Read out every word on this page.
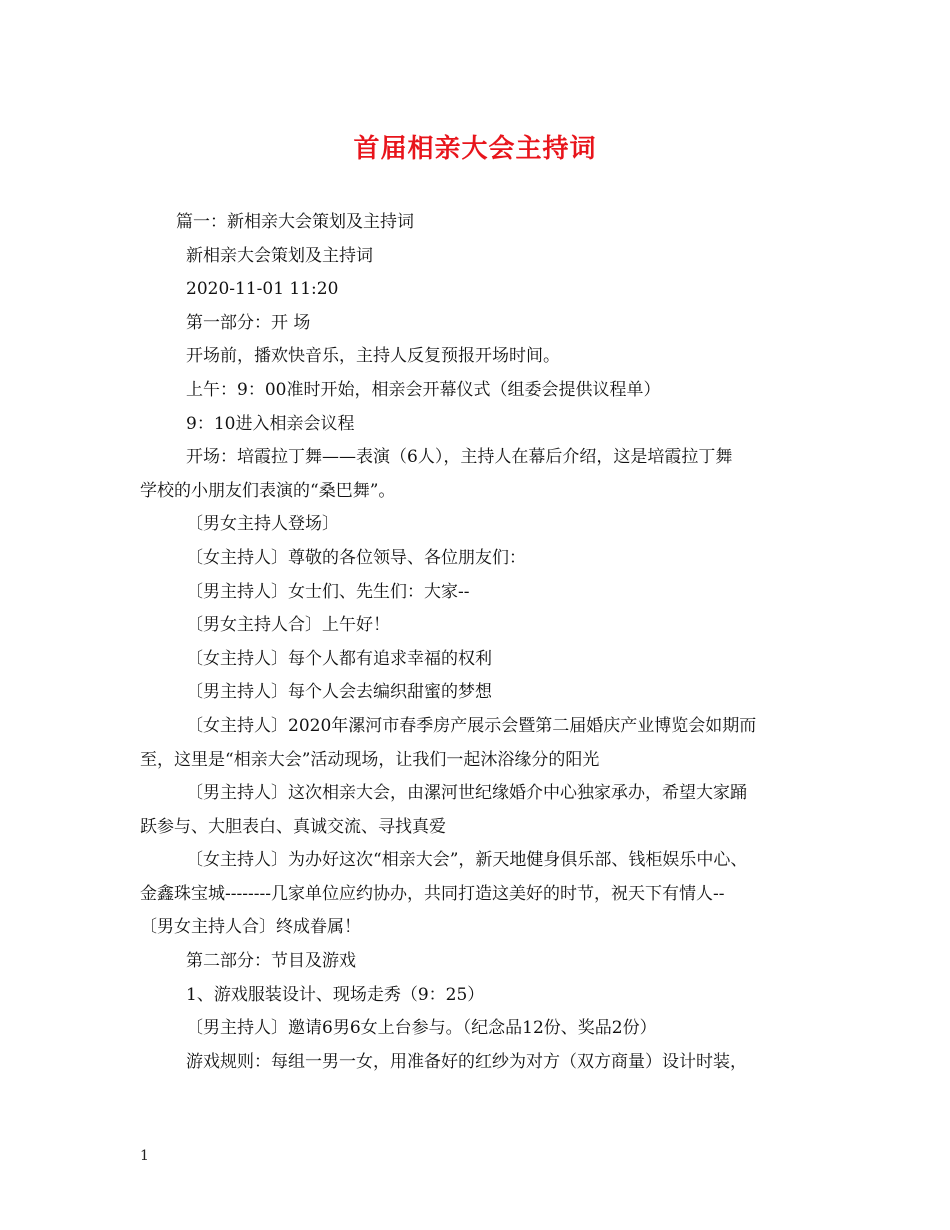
首届相亲大会主持词

篇一：新相亲大会策划及主持词

新相亲大会策划及主持词

2020-11-01 11:20

第一部分：开 场

开场前，播欢快音乐，主持人反复预报开场时间。

上午：9：00准时开始，相亲会开幕仪式（组委会提供议程单）

9：10进入相亲会议程

开场：培霞拉丁舞——表演（6人），主持人在幕后介绍，这是培霞拉丁舞

学校的小朋友们表演的“桑巴舞”。

〔男女主持人登场〕

〔女主持人〕尊敬的各位领导、各位朋友们：

〔男主持人〕女士们、先生们：大家--

〔男女主持人合〕上午好！

〔女主持人〕每个人都有追求幸福的权利

〔男主持人〕每个人会去编织甜蜜的梦想

〔女主持人〕2020年漯河市春季房产展示会暨第二届婚庆产业博览会如期而

至，这里是“相亲大会”活动现场，让我们一起沐浴缘分的阳光

〔男主持人〕这次相亲大会，由漯河世纪缘婚介中心独家承办，希望大家踊

跃参与、大胆表白、真诚交流、寻找真爱

〔女主持人〕为办好这次“相亲大会”，新天地健身俱乐部、钱柜娱乐中心、

金鑫珠宝城--------几家单位应约协办，共同打造这美好的时节，祝天下有情人--

〔男女主持人合〕终成眷属！

第二部分：节目及游戏

1、游戏服装设计、现场走秀（9：25）

〔男主持人〕邀请6男6女上台参与。（纪念品12份、奖品2份）

游戏规则：每组一男一女，用准备好的红纱为对方（双方商量）设计时装，

1
